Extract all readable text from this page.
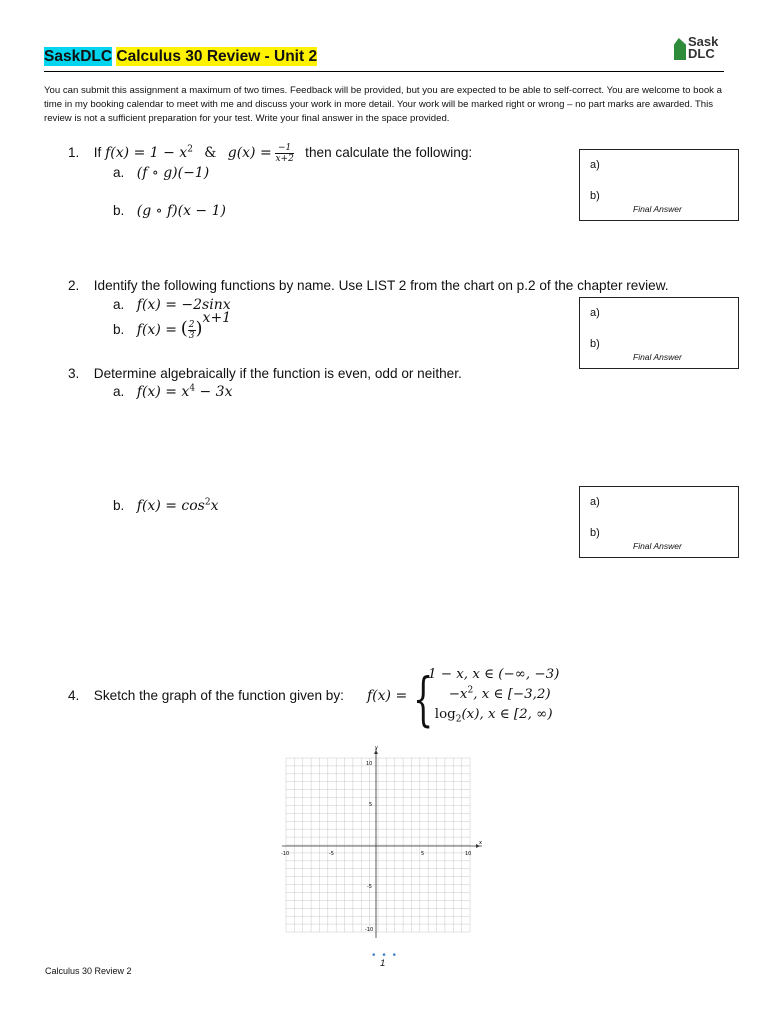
SaskDLC Calculus 30 Review - Unit 2
Sask
DLC
You can submit this assignment a maximum of two times. Feedback will be provided, but you are expected to be able to self-correct. You are welcome to book a time in my booking calendar to meet with me and discuss your work in more detail. Your work will be marked right or wrong – no part marks are awarded. This review is not a sufficient preparation for your test. Write your final answer in the space provided.
1. If $f(x) = 1 - x^2$ & $g(x) = \frac{-1}{x+2}$ then calculate the following:
a. (f ∘ g)(−1)
b. (g ∘ f)(x − 1)
a)
b)
Final Answer
2. Identify the following functions by name. Use LIST 2 from the chart on p.2 of the chapter review.
a. f(x) = −2sinx
b. f(x) = ( $\frac{2}{3} )^{x+1}$	a)
b)
Final Answer
3. Determine algebraically if the function is even, odd or neither.
a. $f(x) = x^4 - 3x$
b. $f(x) = \cos^2x$	a)
b)
Final Answer
4. Sketch the graph of the function given by: f(x) = {
1 − x, x ∈ (−∞, −3)
$-x^2$, x ∈ [−3,2)
$\log_2(x)$, x ∈ [2, ∞)
x
y
-10	-5	5	10
10
5
-5
-10
• • •
1
Calculus 30 Review 2
